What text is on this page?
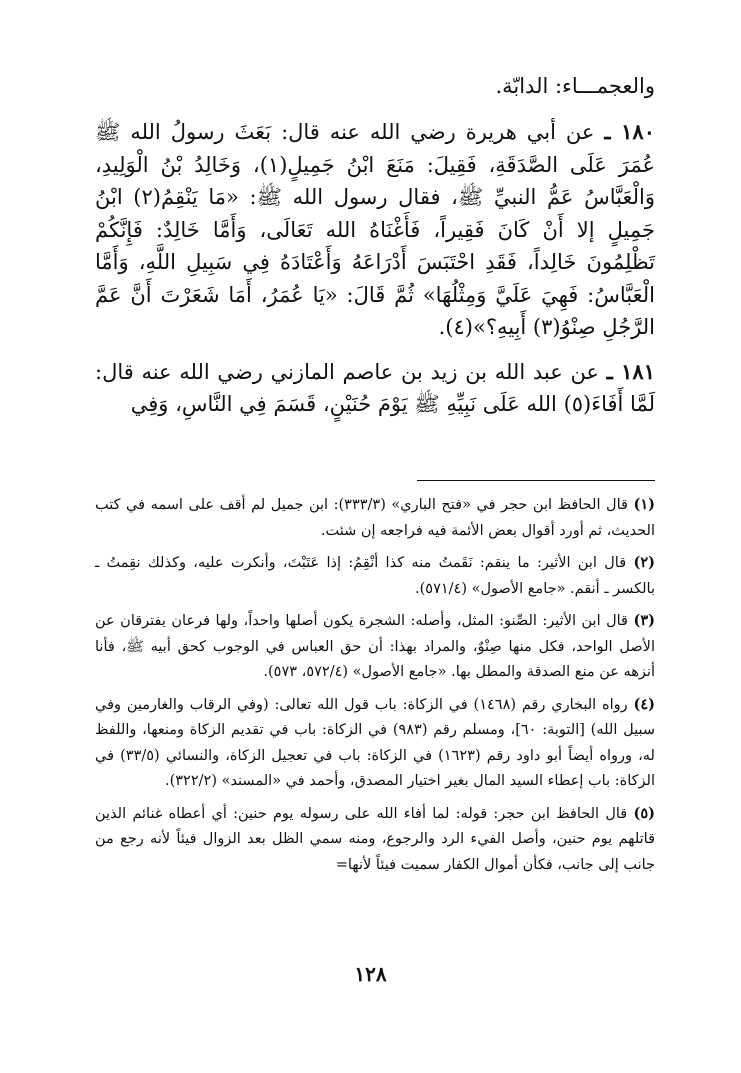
والعجمـــاء: الدابّة.

١٨٠ ـ عن أبي هريرة رضي الله عنه قال: بَعَثَ رسولُ الله ﷺ عُمَرَ عَلَى الصَّدَقَةِ، فَقِيلَ: مَنَعَ ابْنُ جَمِيلٍ(١)، وَخَالِدُ بْنُ الْوَلِيدِ، وَالْعَبَّاسُ عَمُّ النبيِّ ﷺ، فقال رسول الله ﷺ: «مَا يَنْقِمُ(٢) ابْنُ جَمِيلٍ إلا أَنْ كَانَ فَقِيراً، فَأَغْنَاهُ الله تَعَالَى، وَأَمَّا خَالِدٌ: فَإِنَّكُمْ تَظْلِمُونَ خَالِداً، فَقَدِ احْتَبَسَ أَدْرَاعَهُ وَأَعْتَادَهُ فِي سَبِيلِ اللَّهِ، وَأَمَّا الْعَبَّاسُ: فَهِيَ عَلَيَّ وَمِثْلُهَا» ثُمَّ قَالَ: «يَا عُمَرُ، أَمَا شَعَرْتَ أَنَّ عَمَّ الرَّجُلِ صِنْوُ(٣) أَبِيهِ؟»(٤).

١٨١ ـ عن عبد الله بن زيد بن عاصم المازني رضي الله عنه قال: لَمَّا أَفَاءَ(٥) الله عَلَى نَبِيِّهِ ﷺ يَوْمَ حُنَيْنٍ، قَسَمَ فِي النَّاسِ، وَفِي

(١) قال الحافظ ابن حجر في «فتح الباري» (٣٣٣/٣): ابن جميل لم أقف على اسمه في كتب الحديث، ثم أورد أقوال بعض الأئمة فيه فراجعه إن شئت.

(٢) قال ابن الأثير: ما ينقم: نَقَمتُ منه كذا أنْقِمُ: إذا عَتَبْتَ، وأنكرت عليه، وكذلك نقِمتُ ـ بالكسر ـ أنقم. «جامع الأصول» (٥٧١/٤).

(٣) قال ابن الأثير: الصِّنو: المثل، وأصله: الشجرة يكون أصلها واحداً، ولها فرعان يفترقان عن الأصل الواحد، فكل منها صِنْوٌ، والمراد بهذا: أن حق العباس في الوجوب كحق أبيه ﷺ، فأنا أنزهه عن منع الصدقة والمطل بها. «جامع الأصول» (٥٧٢/٤، ٥٧٣).

(٤) رواه البخاري رقم (١٤٦٨) في الزكاة: باب قول الله تعالى: (وفي الرقاب والغارمين وفي سبيل الله) [التوبة: ٦٠]، ومسلم رقم (٩٨٣) في الزكاة: باب في تقديم الزكاة ومنعها، واللفظ له، ورواه أيضاً أبو داود رقم (١٦٢٣) في الزكاة: باب في تعجيل الزكاة، والنسائي (٣٣/٥) في الزكاة: باب إعطاء السيد المال بغير اختيار المصدق، وأحمد في «المسند» (٣٢٢/٢).

(٥) قال الحافظ ابن حجر: قوله: لما أفاء الله على رسوله يوم حنين: أي أعطاه غنائم الذين قاتلهم يوم حنين، وأصل الفيء الرد والرجوع، ومنه سمي الظل بعد الزوال فيئاً لأنه رجع من جانب إلى جانب، فكأن أموال الكفار سميت فيئاً لأنها=

١٢٨
